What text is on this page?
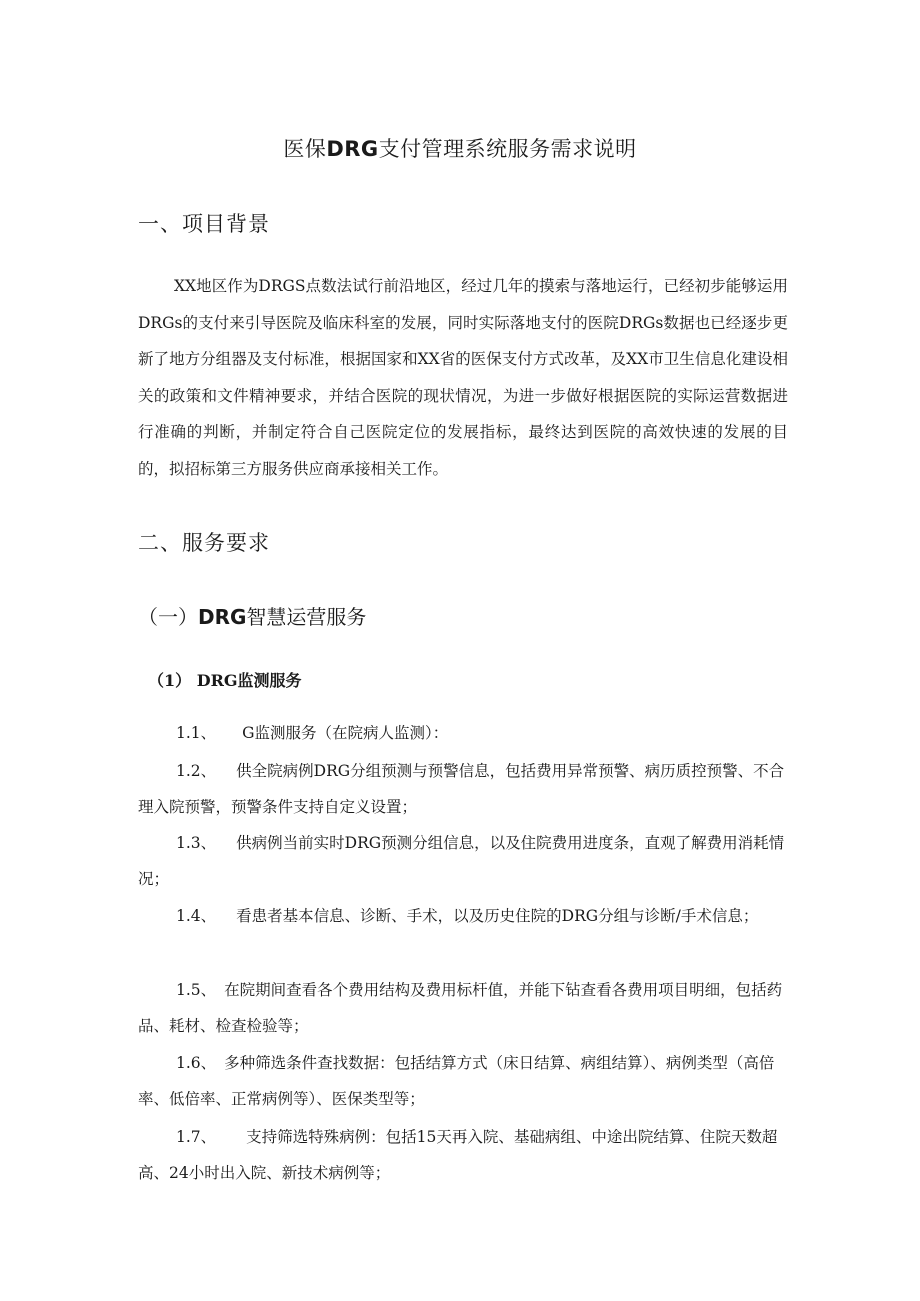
医保DRG支付管理系统服务需求说明
一、项目背景
XX地区作为DRGS点数法试行前沿地区，经过几年的摸索与落地运行，已经初步能够运用DRGs的支付来引导医院及临床科室的发展，同时实际落地支付的医院DRGs数据也已经逐步更新了地方分组器及支付标准，根据国家和XX省的医保支付方式改革，及XX市卫生信息化建设相关的政策和文件精神要求，并结合医院的现状情况，为进一步做好根据医院的实际运营数据进行准确的判断，并制定符合自己医院定位的发展指标，最终达到医院的高效快速的发展的目的，拟招标第三方服务供应商承接相关工作。
二、服务要求
（一）DRG智慧运营服务
（1） DRG监测服务
1.1、 G监测服务（在院病人监测）：
1.2、 供全院病例DRG分组预测与预警信息，包括费用异常预警、病历质控预警、不合理入院预警，预警条件支持自定义设置；
1.3、 供病例当前实时DRG预测分组信息，以及住院费用进度条，直观了解费用消耗情况；
1.4、 看患者基本信息、诊断、手术，以及历史住院的DRG分组与诊断/手术信息；
1.5、 在院期间查看各个费用结构及费用标杆值，并能下钻查看各费用项目明细，包括药品、耗材、检查检验等；
1.6、 多种筛选条件查找数据：包括结算方式（床日结算、病组结算）、病例类型（高倍率、低倍率、正常病例等）、医保类型等；
1.7、 支持筛选特殊病例：包括15天再入院、基础病组、中途出院结算、住院天数超高、24小时出入院、新技术病例等；
